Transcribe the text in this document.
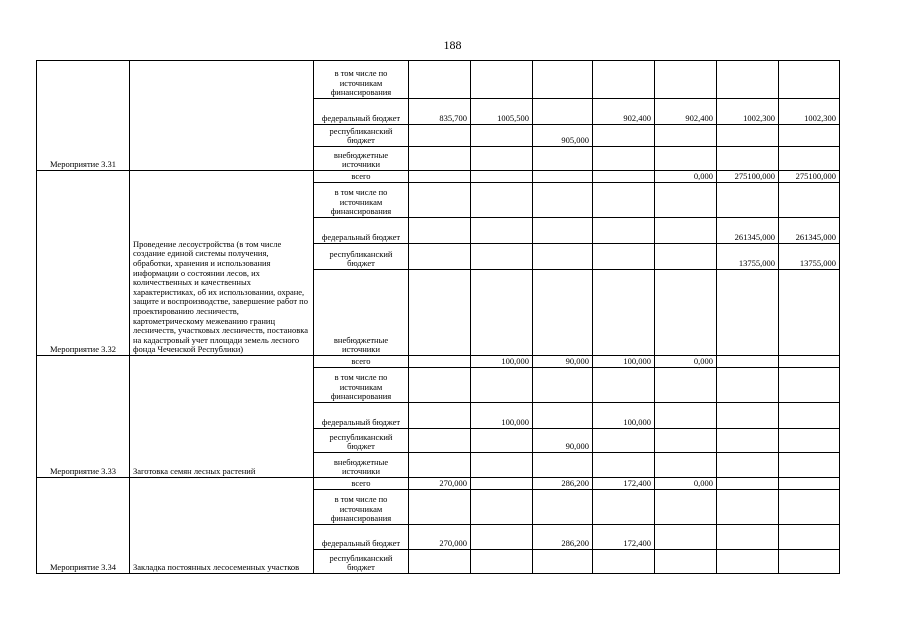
188
Мероприятие 3.31		в том числе по источникам финансирования							
		федеральный бюджет	835,700	1005,500		902,400	902,400	1002,300	1002,300
		республиканский бюджет			905,000				
		внебюджетные источники							
Мероприятие 3.32	Проведение лесоустройства (в том числе создание единой системы получения, обработки, хранения и использования информации о состоянии лесов, их количественных и качественных характеристиках, об их использовании, охране, защите и воспроизводстве, завершение работ по проектированию лесничеств, картометрическому межеванию границ лесничеств, участковых лесничеств, постановка на кадастровый учет площади земель лесного фонда Чеченской Республики)	всего					0,000	275100,000	275100,000
		в том числе по источникам финансирования							
		федеральный бюджет						261345,000	261345,000
		республиканский бюджет						13755,000	13755,000
		внебюджетные источники							
Мероприятие 3.33	Заготовка семян лесных растений	всего		100,000	90,000	100,000	0,000		
		в том числе по источникам финансирования							
		федеральный бюджет		100,000		100,000			
		республиканский бюджет			90,000				
		внебюджетные источники							
Мероприятие 3.34	Закладка постоянных лесосеменных участков	всего	270,000		286,200	172,400	0,000		
		в том числе по источникам финансирования							
		федеральный бюджет	270,000		286,200	172,400			
		республиканский бюджет							
